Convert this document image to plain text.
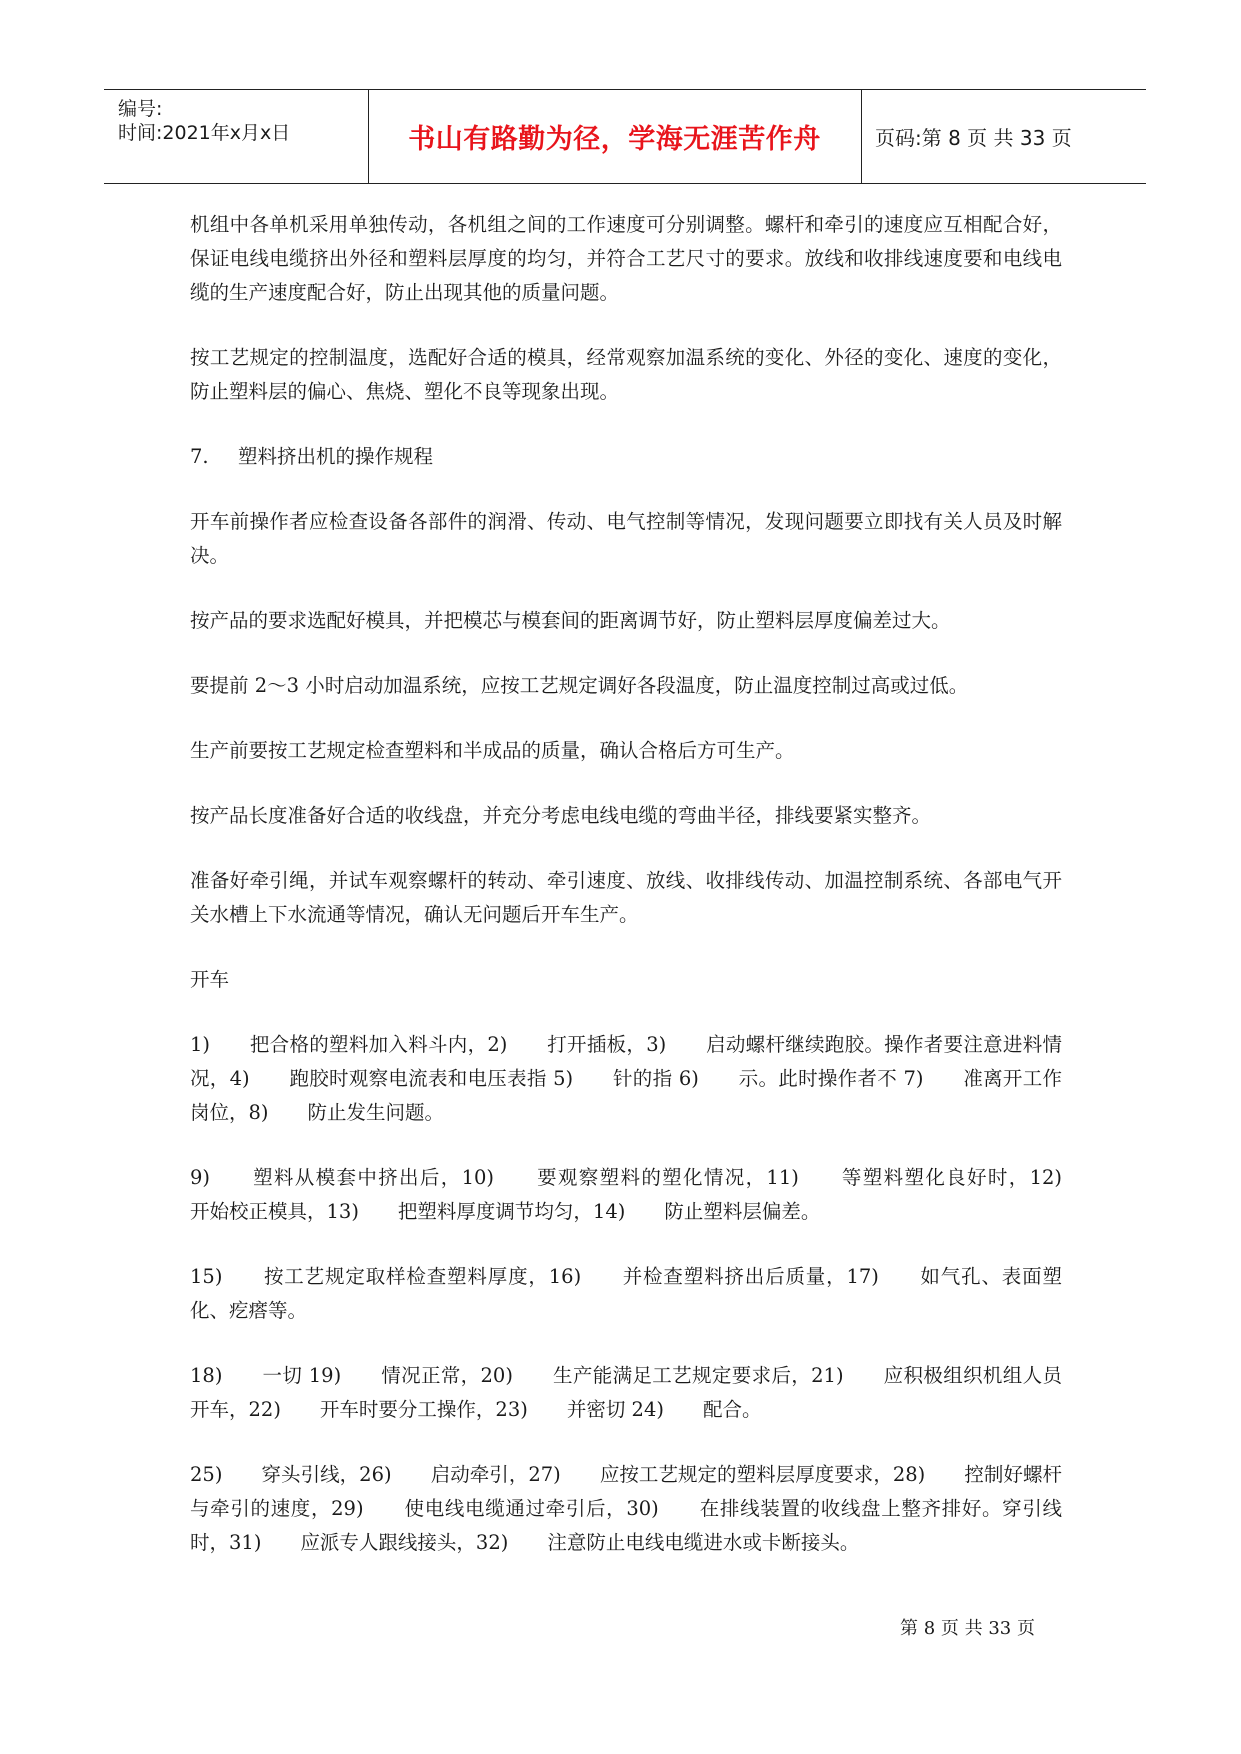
编号:
时间:2021年x月x日	书山有路勤为径，学海无涯苦作舟	页码:第 8 页 共 33 页

机组中各单机采用单独传动，各机组之间的工作速度可分别调整。螺杆和牵引的速度应互相配合好，保证电线电缆挤出外径和塑料层厚度的均匀，并符合工艺尺寸的要求。放线和收排线速度要和电线电缆的生产速度配合好，防止出现其他的质量问题。

按工艺规定的控制温度，选配好合适的模具，经常观察加温系统的变化、外径的变化、速度的变化，防止塑料层的偏心、焦烧、塑化不良等现象出现。

7. 塑料挤出机的操作规程

开车前操作者应检查设备各部件的润滑、传动、电气控制等情况，发现问题要立即找有关人员及时解决。

按产品的要求选配好模具，并把模芯与模套间的距离调节好，防止塑料层厚度偏差过大。

要提前 2～3 小时启动加温系统，应按工艺规定调好各段温度，防止温度控制过高或过低。

生产前要按工艺规定检查塑料和半成品的质量，确认合格后方可生产。

按产品长度准备好合适的收线盘，并充分考虑电线电缆的弯曲半径，排线要紧实整齐。

准备好牵引绳，并试车观察螺杆的转动、牵引速度、放线、收排线传动、加温控制系统、各部电气开关水槽上下水流通等情况，确认无问题后开车生产。

开车

1)　　把合格的塑料加入料斗内，2)　　打开插板，3)　　启动螺杆继续跑胶。操作者要注意进料情况，4)　　跑胶时观察电流表和电压表指 5)　　针的指 6)　　示。此时操作者不 7)　　准离开工作岗位，8)　　防止发生问题。

9)　　塑料从模套中挤出后，10)　　要观察塑料的塑化情况，11)　　等塑料塑化良好时，12)　　开始校正模具，13)　　把塑料厚度调节均匀，14)　　防止塑料层偏差。

15)　　按工艺规定取样检查塑料厚度，16)　　并检查塑料挤出后质量，17)　　如气孔、表面塑化、疙瘩等。

18)　　一切 19)　　情况正常，20)　　生产能满足工艺规定要求后，21)　　应积极组织机组人员开车，22)　　开车时要分工操作，23)　　并密切 24)　　配合。

25)　　穿头引线，26)　　启动牵引，27)　　应按工艺规定的塑料层厚度要求，28)　　控制好螺杆与牵引的速度，29)　　使电线电缆通过牵引后，30)　　在排线装置的收线盘上整齐排好。穿引线时，31)　　应派专人跟线接头，32)　　注意防止电线电缆进水或卡断接头。

第 8 页 共 33 页
